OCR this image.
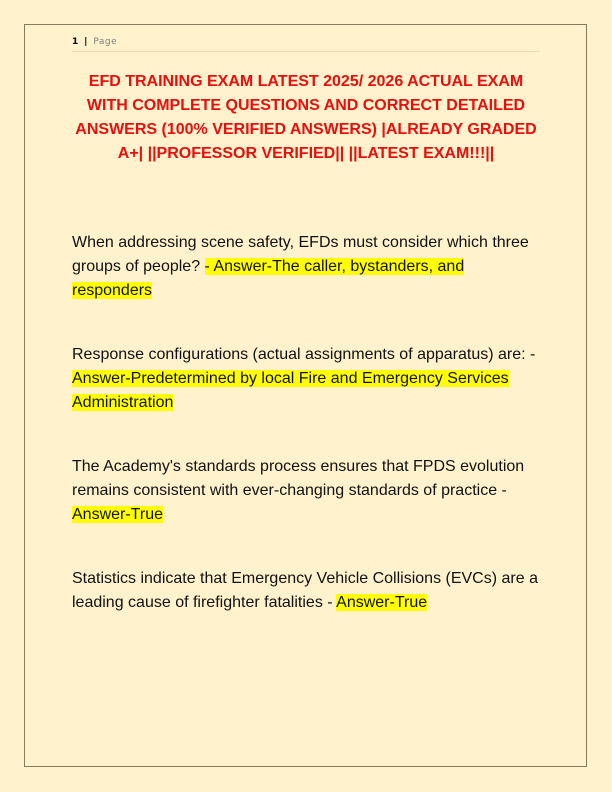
1 | Page
EFD TRAINING EXAM LATEST 2025/ 2026 ACTUAL EXAM WITH COMPLETE QUESTIONS AND CORRECT DETAILED ANSWERS (100% VERIFIED ANSWERS) |ALREADY GRADED A+| ||PROFESSOR VERIFIED|| ||LATEST EXAM!!!||
When addressing scene safety, EFDs must consider which three groups of people? - Answer-The caller, bystanders, and responders
Response configurations (actual assignments of apparatus) are: - Answer-Predetermined by local Fire and Emergency Services Administration
The Academy's standards process ensures that FPDS evolution remains consistent with ever-changing standards of practice - Answer-True
Statistics indicate that Emergency Vehicle Collisions (EVCs) are a leading cause of firefighter fatalities - Answer-True
